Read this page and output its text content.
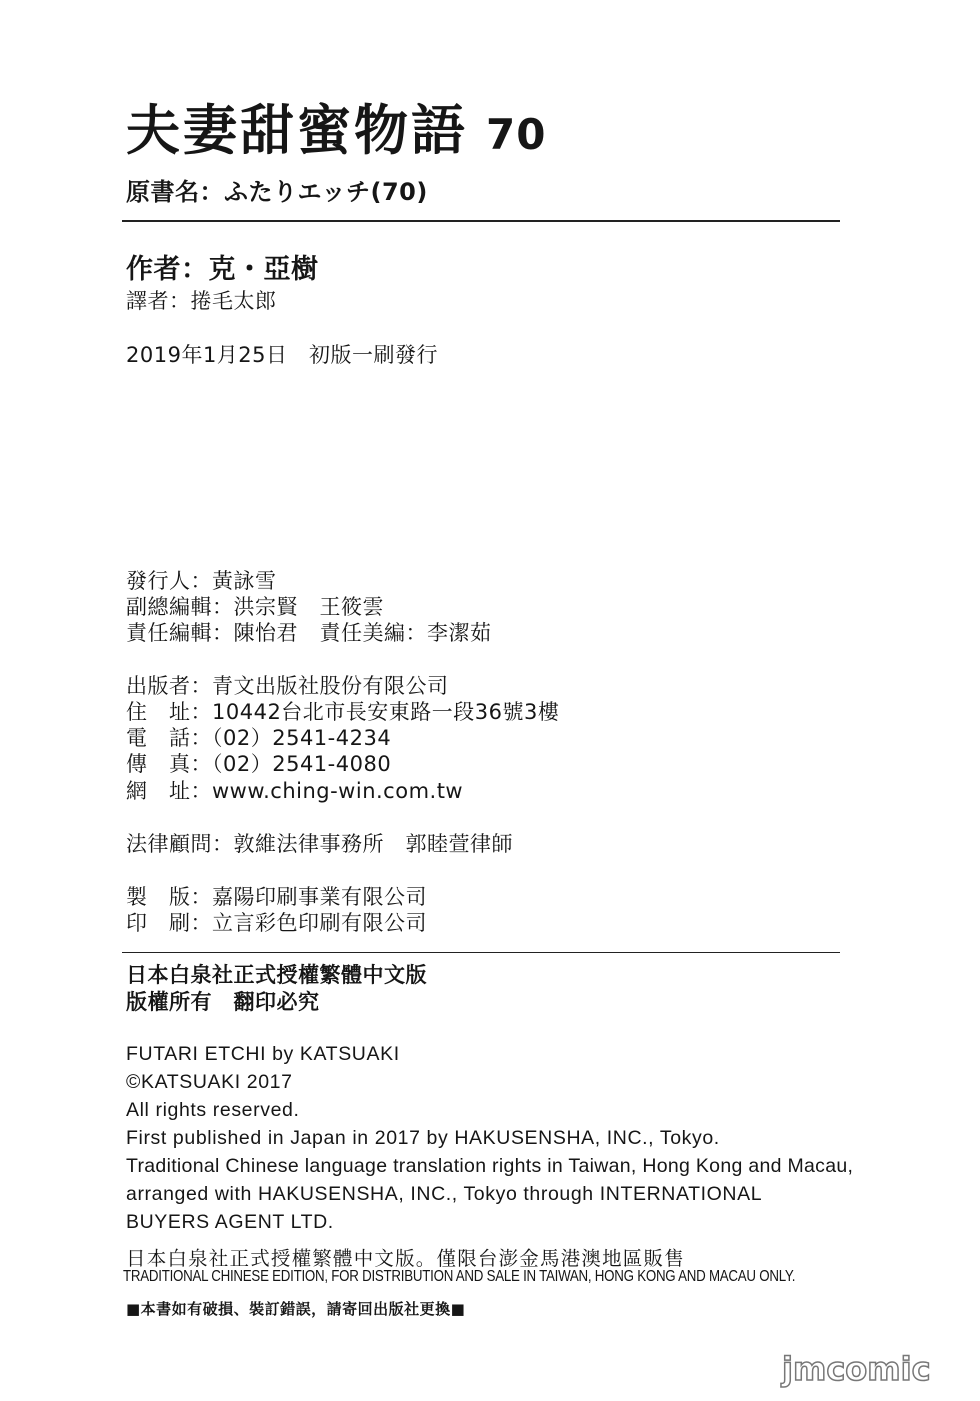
夫妻甜蜜物語 70
原書名：ふたりエッチ(70)
作者：克・亞樹
譯者：捲毛太郎
2019年1月25日　初版一刷發行
發行人：黃詠雪
副總編輯：洪宗賢　王筱雲
責任編輯：陳怡君　責任美編：李潔茹
出版者：青文出版社股份有限公司
住　址：10442台北市長安東路一段36號3樓
電　話：（02）2541-4234
傳　真：（02）2541-4080
網　址：www.ching-win.com.tw
法律顧問：敦維法律事務所　郭睦萱律師
製　版：嘉陽印刷事業有限公司
印　刷：立言彩色印刷有限公司
日本白泉社正式授權繁體中文版
版權所有　翻印必究
FUTARI ETCHI by KATSUAKI
©KATSUAKI 2017
All rights reserved.
First published in Japan in 2017 by HAKUSENSHA, INC., Tokyo.
Traditional Chinese language translation rights in Taiwan, Hong Kong and Macau,
arranged with HAKUSENSHA, INC., Tokyo through INTERNATIONAL
BUYERS AGENT LTD.
日本白泉社正式授權繁體中文版。僅限台澎金馬港澳地區販售
TRADITIONAL CHINESE EDITION, FOR DISTRIBUTION AND SALE IN TAIWAN, HONG KONG AND MACAU ONLY.
■本書如有破損、裝訂錯誤，請寄回出版社更換■
jmcomic
